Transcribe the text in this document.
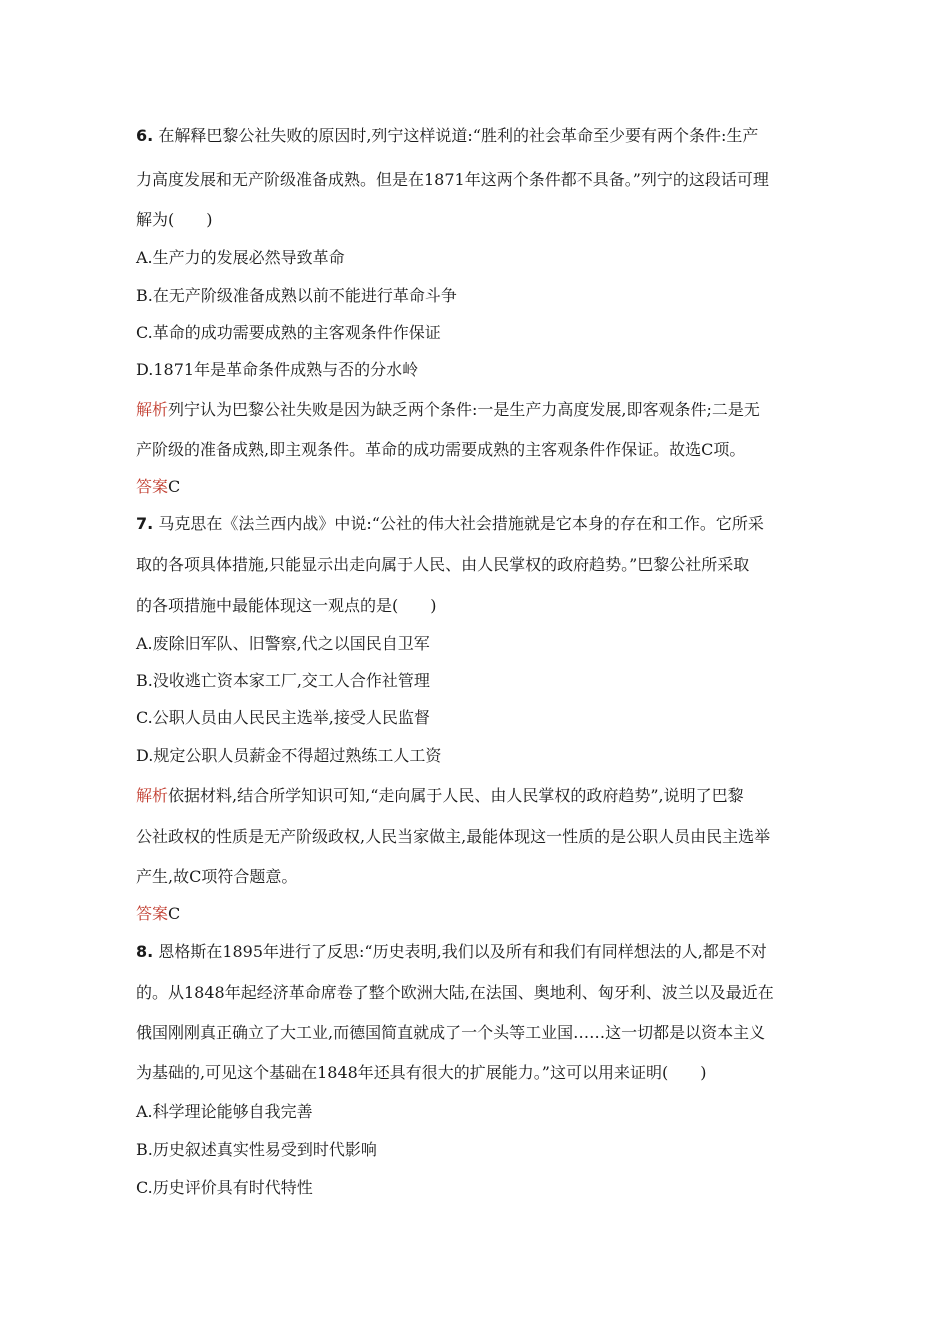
6. 在解释巴黎公社失败的原因时,列宁这样说道:“胜利的社会革命至少要有两个条件:生产
力高度发展和无产阶级准备成熟。但是在1871年这两个条件都不具备。”列宁的这段话可理
解为(　　)
A.生产力的发展必然导致革命
B.在无产阶级准备成熟以前不能进行革命斗争
C.革命的成功需要成熟的主客观条件作保证
D.1871年是革命条件成熟与否的分水岭
解析列宁认为巴黎公社失败是因为缺乏两个条件:一是生产力高度发展,即客观条件;二是无
产阶级的准备成熟,即主观条件。革命的成功需要成熟的主客观条件作保证。故选C项。
答案C
7. 马克思在《法兰西内战》中说:“公社的伟大社会措施就是它本身的存在和工作。它所采
取的各项具体措施,只能显示出走向属于人民、由人民掌权的政府趋势。”巴黎公社所采取
的各项措施中最能体现这一观点的是(　　)
A.废除旧军队、旧警察,代之以国民自卫军
B.没收逃亡资本家工厂,交工人合作社管理
C.公职人员由人民民主选举,接受人民监督
D.规定公职人员薪金不得超过熟练工人工资
解析依据材料,结合所学知识可知,“走向属于人民、由人民掌权的政府趋势”,说明了巴黎
公社政权的性质是无产阶级政权,人民当家做主,最能体现这一性质的是公职人员由民主选举
产生,故C项符合题意。
答案C
8. 恩格斯在1895年进行了反思:“历史表明,我们以及所有和我们有同样想法的人,都是不对
的。从1848年起经济革命席卷了整个欧洲大陆,在法国、奥地利、匈牙利、波兰以及最近在
俄国刚刚真正确立了大工业,而德国简直就成了一个头等工业国……这一切都是以资本主义
为基础的,可见这个基础在1848年还具有很大的扩展能力。”这可以用来证明(　　)
A.科学理论能够自我完善
B.历史叙述真实性易受到时代影响
C.历史评价具有时代特性
